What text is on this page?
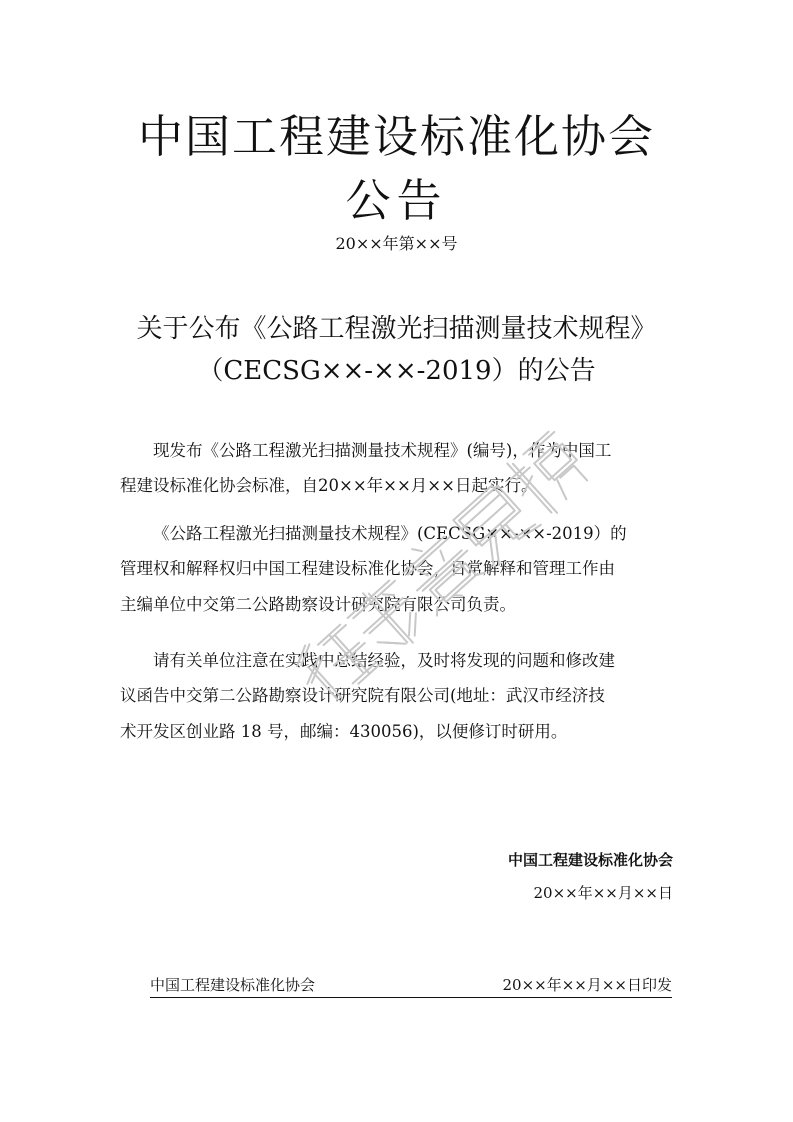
中国工程建设标准化协会
公告
20××年第××号
关于公布《公路工程激光扫描测量技术规程》
（CECSG××-××-2019）的公告
现发布《公路工程激光扫描测量技术规程》(编号)，作为中国工
程建设标准化协会标准，自20××年××月××日起实行。
《公路工程激光扫描测量技术规程》(CECSG××-××-2019）的
管理权和解释权归中国工程建设标准化协会，日常解释和管理工作由
主编单位中交第二公路勘察设计研究院有限公司负责。
请有关单位注意在实践中总结经验，及时将发现的问题和修改建
议函告中交第二公路勘察设计研究院有限公司(地址：武汉市经济技
术开发区创业路 18 号，邮编：430056)，以便修订时研用。
中国工程建设标准化协会
20××年××月××日
中国工程建设标准化协会	20××年××月××日印发
